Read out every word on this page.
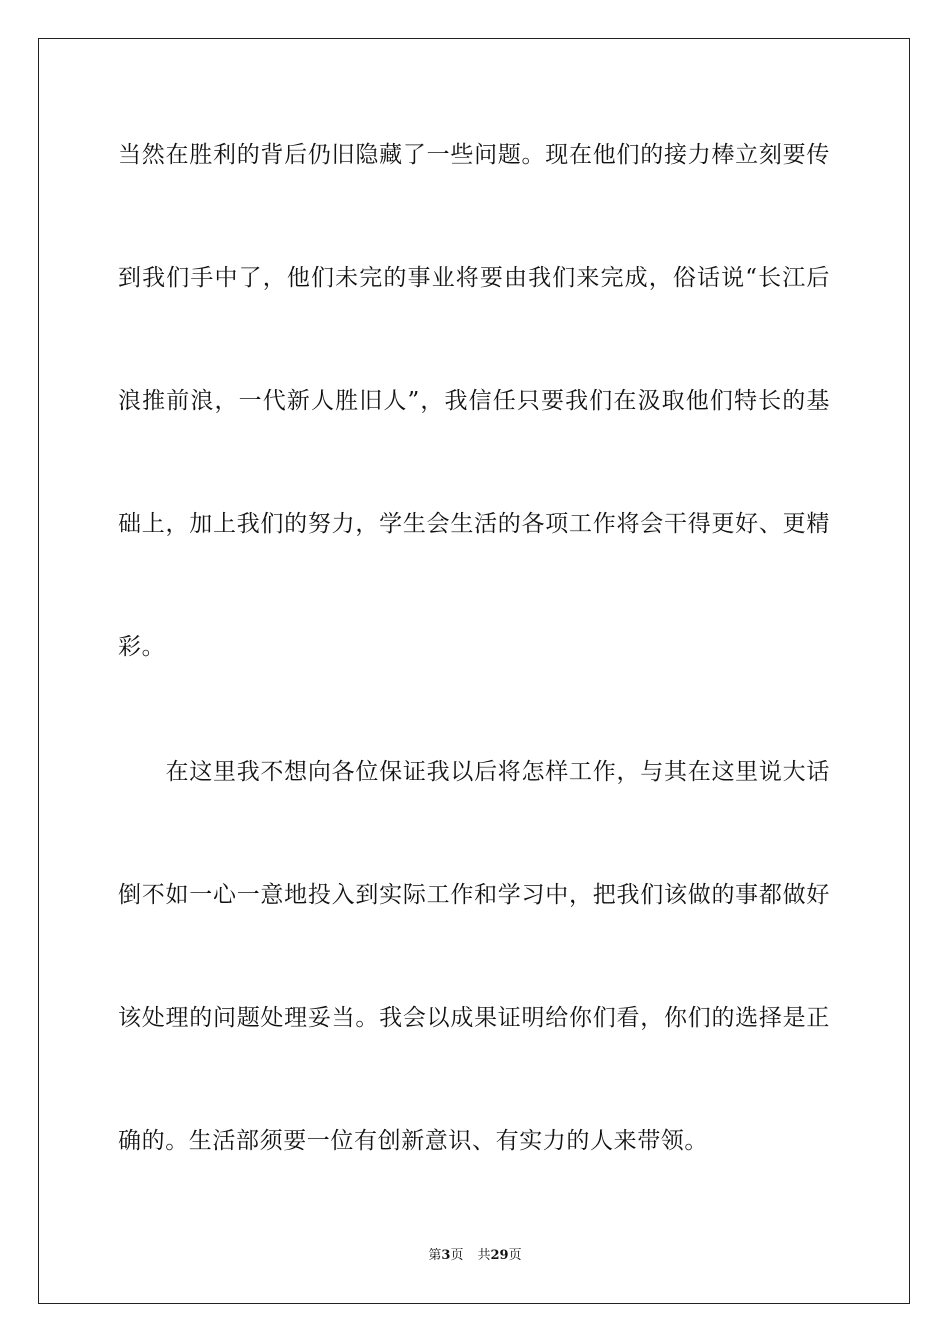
当然在胜利的背后仍旧隐藏了一些问题。现在他们的接力棒立刻要传
到我们手中了，他们未完的事业将要由我们来完成，俗话说“长江后
浪推前浪，一代新人胜旧人”，我信任只要我们在汲取他们特长的基
础上，加上我们的努力，学生会生活的各项工作将会干得更好、更精
彩。
　　在这里我不想向各位保证我以后将怎样工作，与其在这里说大话
倒不如一心一意地投入到实际工作和学习中，把我们该做的事都做好
该处理的问题处理妥当。我会以成果证明给你们看，你们的选择是正
确的。生活部须要一位有创新意识、有实力的人来带领。
第3页 共29页
